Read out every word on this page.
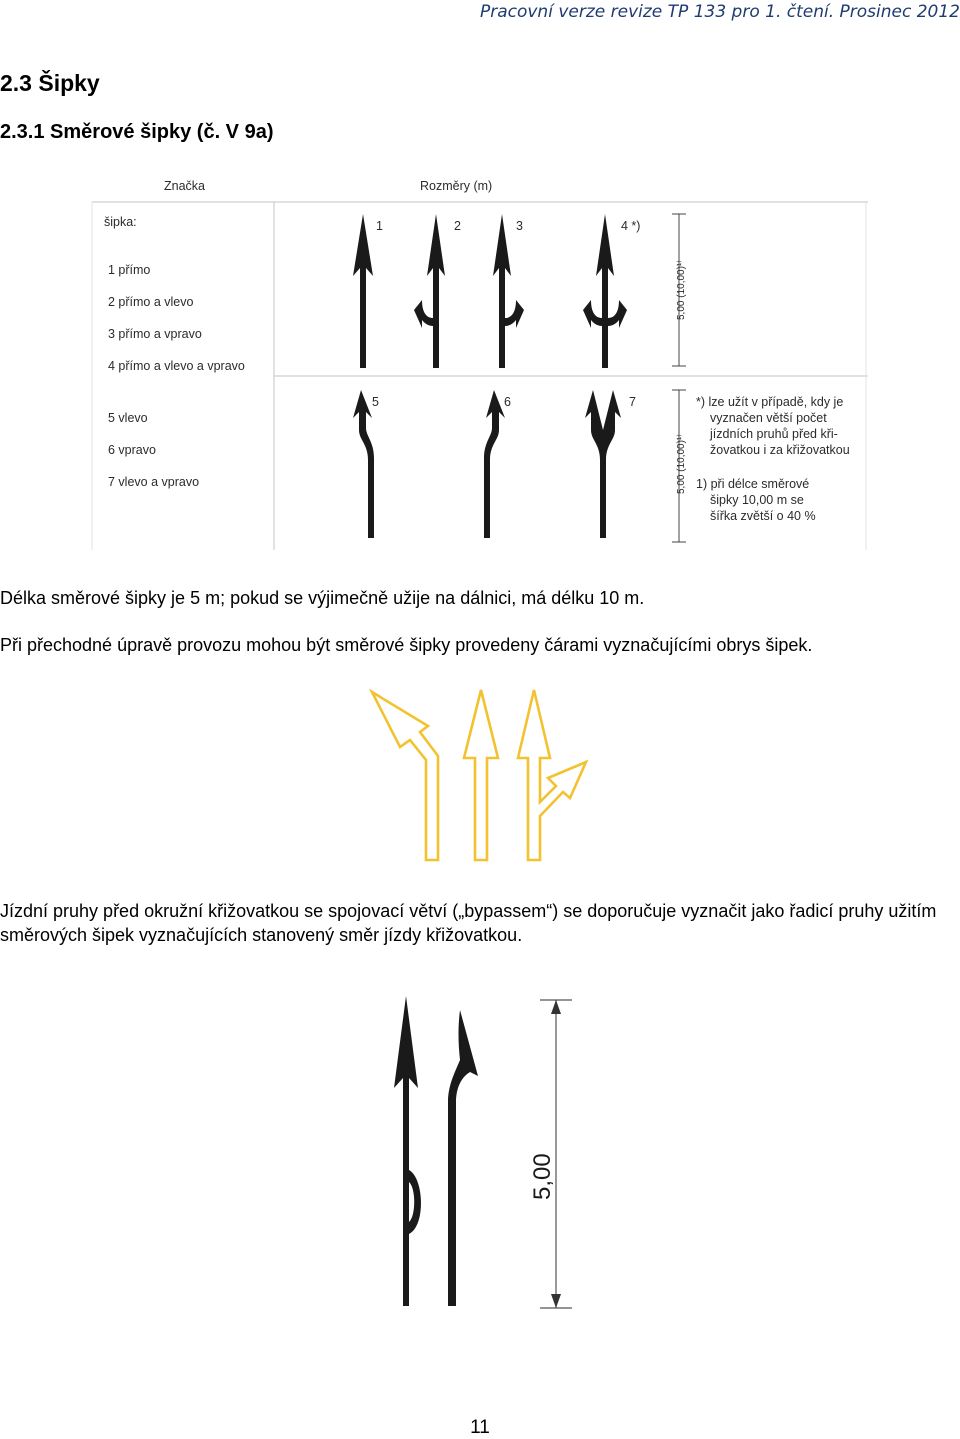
Pracovní verze revize TP 133 pro 1. čtení. Prosinec 2012
2.3 Šipky
2.3.1 Směrové šipky (č. V 9a)
Značka	Rozměry (m)
šipka:
1 přímo
2 přímo a vlevo
3 přímo a vpravo
4 přímo a vlevo a vpravo
5 vlevo
6 vpravo
7 vlevo a vpravo
1	2	3	4 *)
5	6	7
5,00 (10,00)¹⁾
5,00 (10,00)¹⁾
*) lze užít v případě, kdy je
vyznačen větší počet
jízdních pruhů před kři-
žovatkou i za křižovatkou
1) při délce směrové
šipky 10,00 m se
šířka zvětší o 40 %
Délka směrové šipky je 5 m; pokud se výjimečně užije na dálnici, má délku 10 m.
Při přechodné úpravě provozu mohou být směrové šipky provedeny čárami vyznačujícími obrys šipek.
Jízdní pruhy před okružní křižovatkou se spojovací větví („bypassem“) se doporučuje vyznačit jako řadicí pruhy užitím směrových šipek vyznačujících stanovený směr jízdy křižovatkou.
5,00
11
